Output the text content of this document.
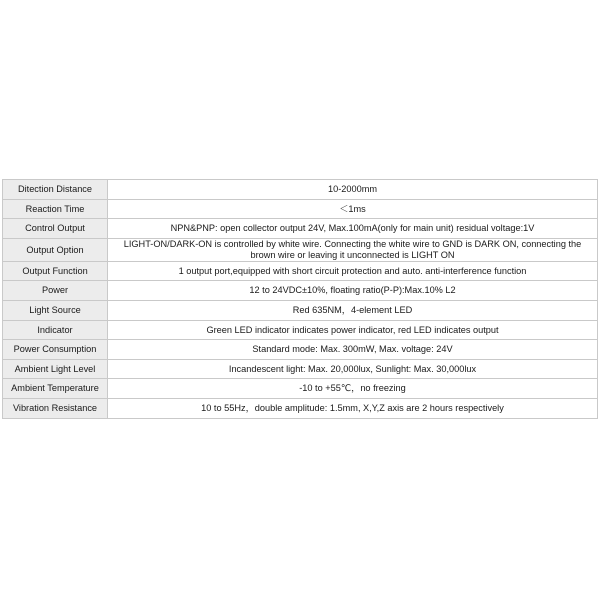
Ditection Distance	10-2000mm
Reaction Time	＜1ms
Control Output	NPN&PNP: open collector output 24V, Max.100mA(only for main unit) residual voltage:1V
Output Option	LIGHT-ON/DARK-ON is controlled by white wire. Connecting the white wire to GND is DARK ON, connecting the brown wire or leaving it unconnected is LIGHT ON
Output Function	1 output port,equipped with short circuit protection and auto. anti-interference function
Power	12 to 24VDC±10%, floating ratio(P-P):Max.10% L2
Light Source	Red 635NM，4-element LED
Indicator	Green LED indicator indicates power indicator, red LED indicates output
Power Consumption	Standard mode: Max. 300mW, Max. voltage: 24V
Ambient Light Level	Incandescent light: Max. 20,000lux, Sunlight: Max. 30,000lux
Ambient Temperature	-10 to +55℃，no freezing
Vibration Resistance	10 to 55Hz，double amplitude: 1.5mm, X,Y,Z axis are 2 hours respectively
